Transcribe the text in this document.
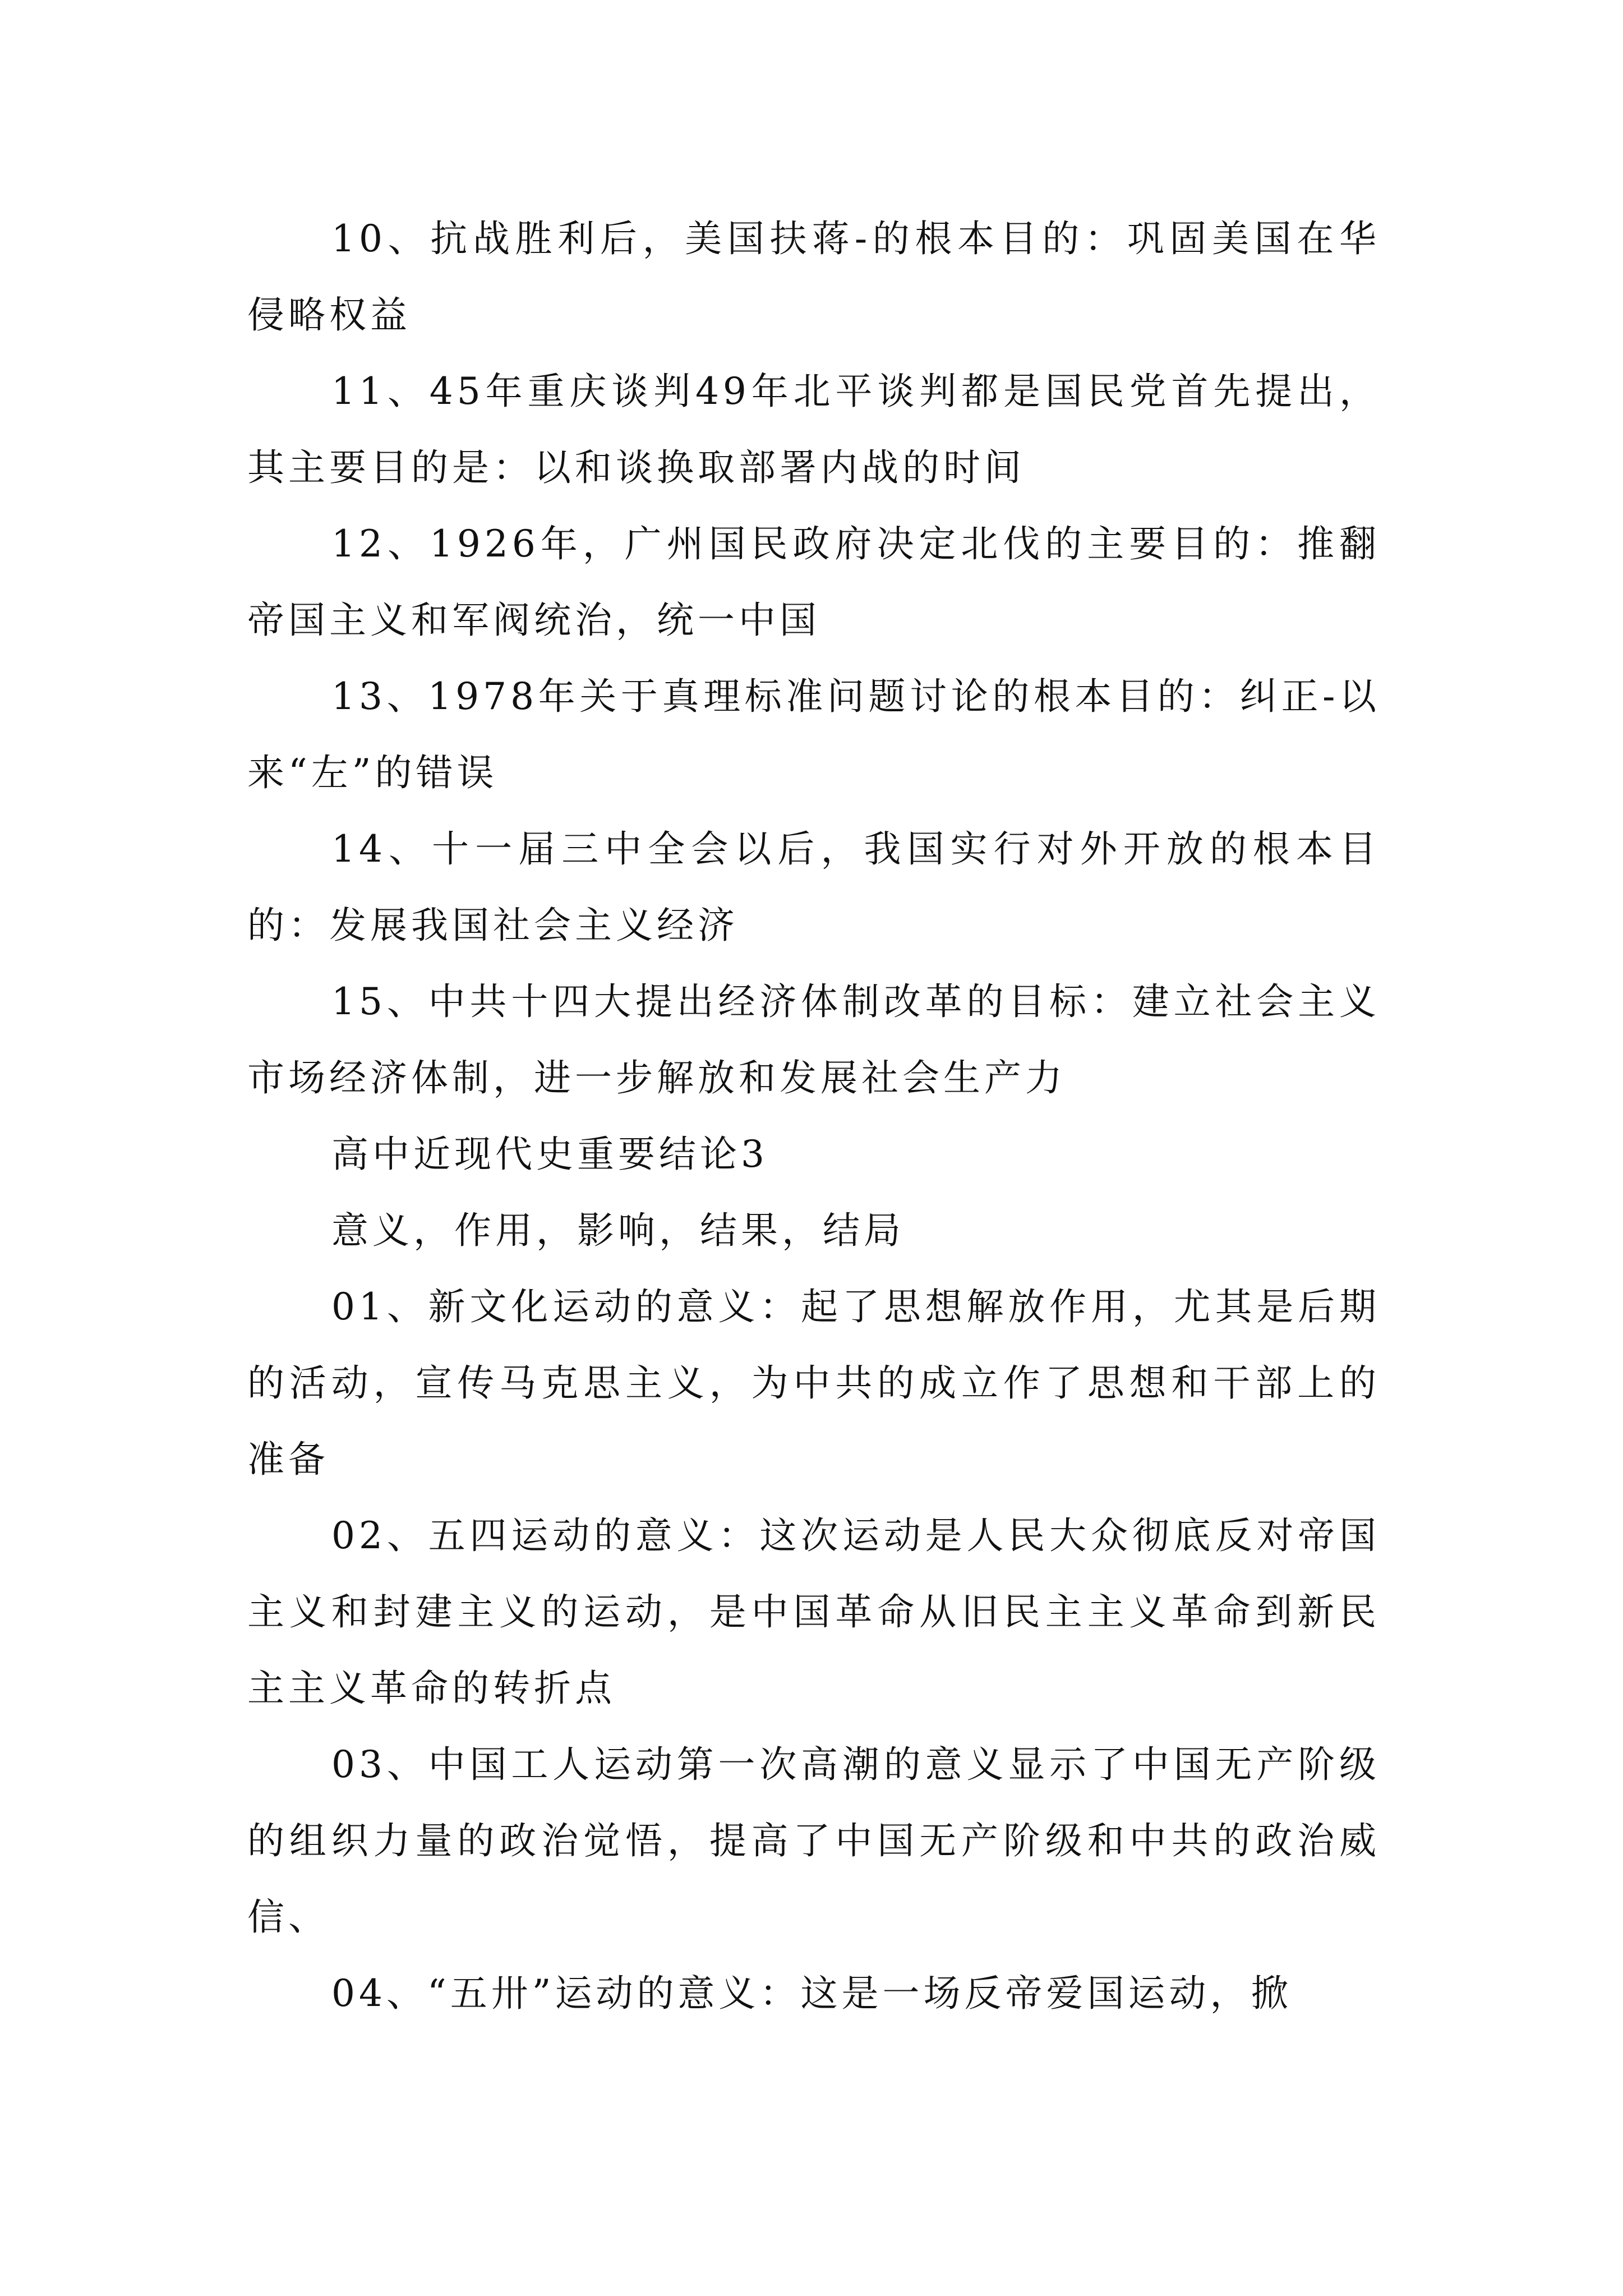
10、抗战胜利后，美国扶蒋-的根本目的：巩固美国在华侵略权益

11、45年重庆谈判49年北平谈判都是国民党首先提出，其主要目的是：以和谈换取部署内战的时间

12、1926年，广州国民政府决定北伐的主要目的：推翻帝国主义和军阀统治，统一中国

13、1978年关于真理标准问题讨论的根本目的：纠正-以来“左”的错误

14、十一届三中全会以后，我国实行对外开放的根本目的：发展我国社会主义经济

15、中共十四大提出经济体制改革的目标：建立社会主义市场经济体制，进一步解放和发展社会生产力

高中近现代史重要结论3

意义，作用，影响，结果，结局

01、新文化运动的意义：起了思想解放作用，尤其是后期的活动，宣传马克思主义，为中共的成立作了思想和干部上的准备

02、五四运动的意义：这次运动是人民大众彻底反对帝国主义和封建主义的运动，是中国革命从旧民主主义革命到新民主主义革命的转折点

03、中国工人运动第一次高潮的意义显示了中国无产阶级的组织力量的政治觉悟，提高了中国无产阶级和中共的政治威信、

04、“五卅”运动的意义：这是一场反帝爱国运动，掀
